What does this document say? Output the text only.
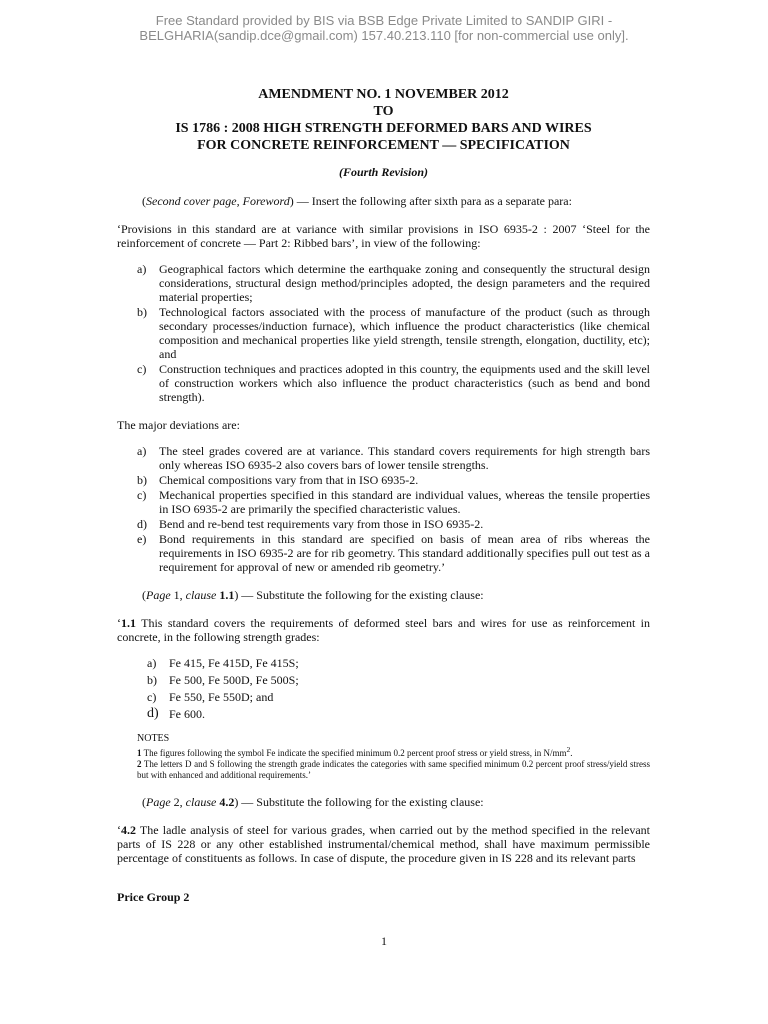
Free Standard provided by BIS via BSB Edge Private Limited to SANDIP GIRI -
BELGHARIA(sandip.dce@gmail.com) 157.40.213.110 [for non-commercial use only].
AMENDMENT NO. 1 NOVEMBER 2012
TO
IS 1786 : 2008 HIGH STRENGTH DEFORMED BARS AND WIRES
FOR CONCRETE REINFORCEMENT — SPECIFICATION
(Fourth Revision)

(Second cover page, Foreword) — Insert the following after sixth para as a separate para:

‘Provisions in this standard are at variance with similar provisions in ISO 6935-2 : 2007 ‘Steel for the reinforcement of concrete — Part 2: Ribbed bars’, in view of the following:

a) Geographical factors which determine the earthquake zoning and consequently the structural design considerations, structural design method/principles adopted, the design parameters and the required material properties;
b) Technological factors associated with the process of manufacture of the product (such as through secondary processes/induction furnace), which influence the product characteristics (like chemical composition and mechanical properties like yield strength, tensile strength, elongation, ductility, etc); and
c) Construction techniques and practices adopted in this country, the equipments used and the skill level of construction workers which also influence the product characteristics (such as bend and bond strength).

The major deviations are:

a) The steel grades covered are at variance. This standard covers requirements for high strength bars only whereas ISO 6935-2 also covers bars of lower tensile strengths.
b) Chemical compositions vary from that in ISO 6935-2.
c) Mechanical properties specified in this standard are individual values, whereas the tensile properties in ISO 6935-2 are primarily the specified characteristic values.
d) Bend and re-bend test requirements vary from those in ISO 6935-2.
e) Bond requirements in this standard are specified on basis of mean area of ribs whereas the requirements in ISO 6935-2 are for rib geometry. This standard additionally specifies pull out test as a requirement for approval of new or amended rib geometry.’

(Page 1, clause 1.1) — Substitute the following for the existing clause:

‘1.1 This standard covers the requirements of deformed steel bars and wires for use as reinforcement in concrete, in the following strength grades:

a) Fe 415, Fe 415D, Fe 415S;
b) Fe 500, Fe 500D, Fe 500S;
c) Fe 550, Fe 550D; and
d) Fe 600.
NOTES
1 The figures following the symbol Fe indicate the specified minimum 0.2 percent proof stress or yield stress, in $N/mm^2$.
2 The letters D and S following the strength grade indicates the categories with same specified minimum 0.2 percent proof stress/yield stress but with enhanced and additional requirements.’

(Page 2, clause 4.2) — Substitute the following for the existing clause:

‘4.2 The ladle analysis of steel for various grades, when carried out by the method specified in the relevant parts of IS 228 or any other established instrumental/chemical method, shall have maximum permissible percentage of constituents as follows. In case of dispute, the procedure given in IS 228 and its relevant parts

Price Group 2
1
